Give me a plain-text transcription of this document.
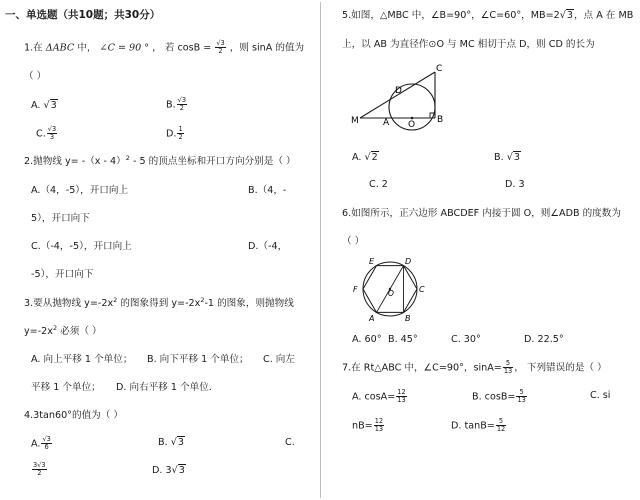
一、单选题（共10题；共30分）
1.在 ΔABC 中， ∠C = 90 ° ， 若 $\cos B = \frac{√3}{2}$ ，则 sinA 的值为
（ ）
A. √3	B. $\frac{√3}{2}$
C. $\frac{√3}{3}$	D. $\frac{1}{2}$
2.抛物线 y= -（x - 4）$^2$ - 5 的顶点坐标和开口方向分别是（ ）
A.（4，-5），开口向上	B.（4，-
5），开口向下
C.（-4，-5），开口向上	D.（-4，
-5），开口向下
3.要从抛物线 $y=-2x^2$ 的图象得到 $y=-2x^2-1$ 的图象，则抛物线
$y=-2x^2$ 必须（ ）
A. 向上平移 1 个单位； B. 向下平移 1 个单位； C. 向左
平移 1 个单位； D. 向右平移 1 个单位．
4.3tan60°的值为（ ）
A. $\frac{√3}{6}$	B. √3	C.
$\frac{3√3}{2}$	D. 3√3
5.如图，△MBC 中，∠B=90°，∠C=60°，MB=2√3，点 A 在 MB
上，以 AB 为直径作⊙O 与 MC 相切于点 D，则 CD 的长为
C
D
M	A O B
A. √2	B. √3
C. 2	D. 3
6.如图所示，正六边形 ABCDEF 内接于圆 O，则∠ADB 的度数为
（ ）
E	D
F	C
O
A	B
A. 60° B. 45°	C. 30°	D. 22.5°
7.在 Rt△ABC 中，∠C=90°，$\sin A= \frac{5}{13}$ ， 下列错误的是（ ）
A. $\cos A= \frac{12}{13}$	B. $\cos B= \frac{5}{13}$	C. si
$nB= \frac{12}{13}$	D. $\tan B= \frac{5}{12}$
